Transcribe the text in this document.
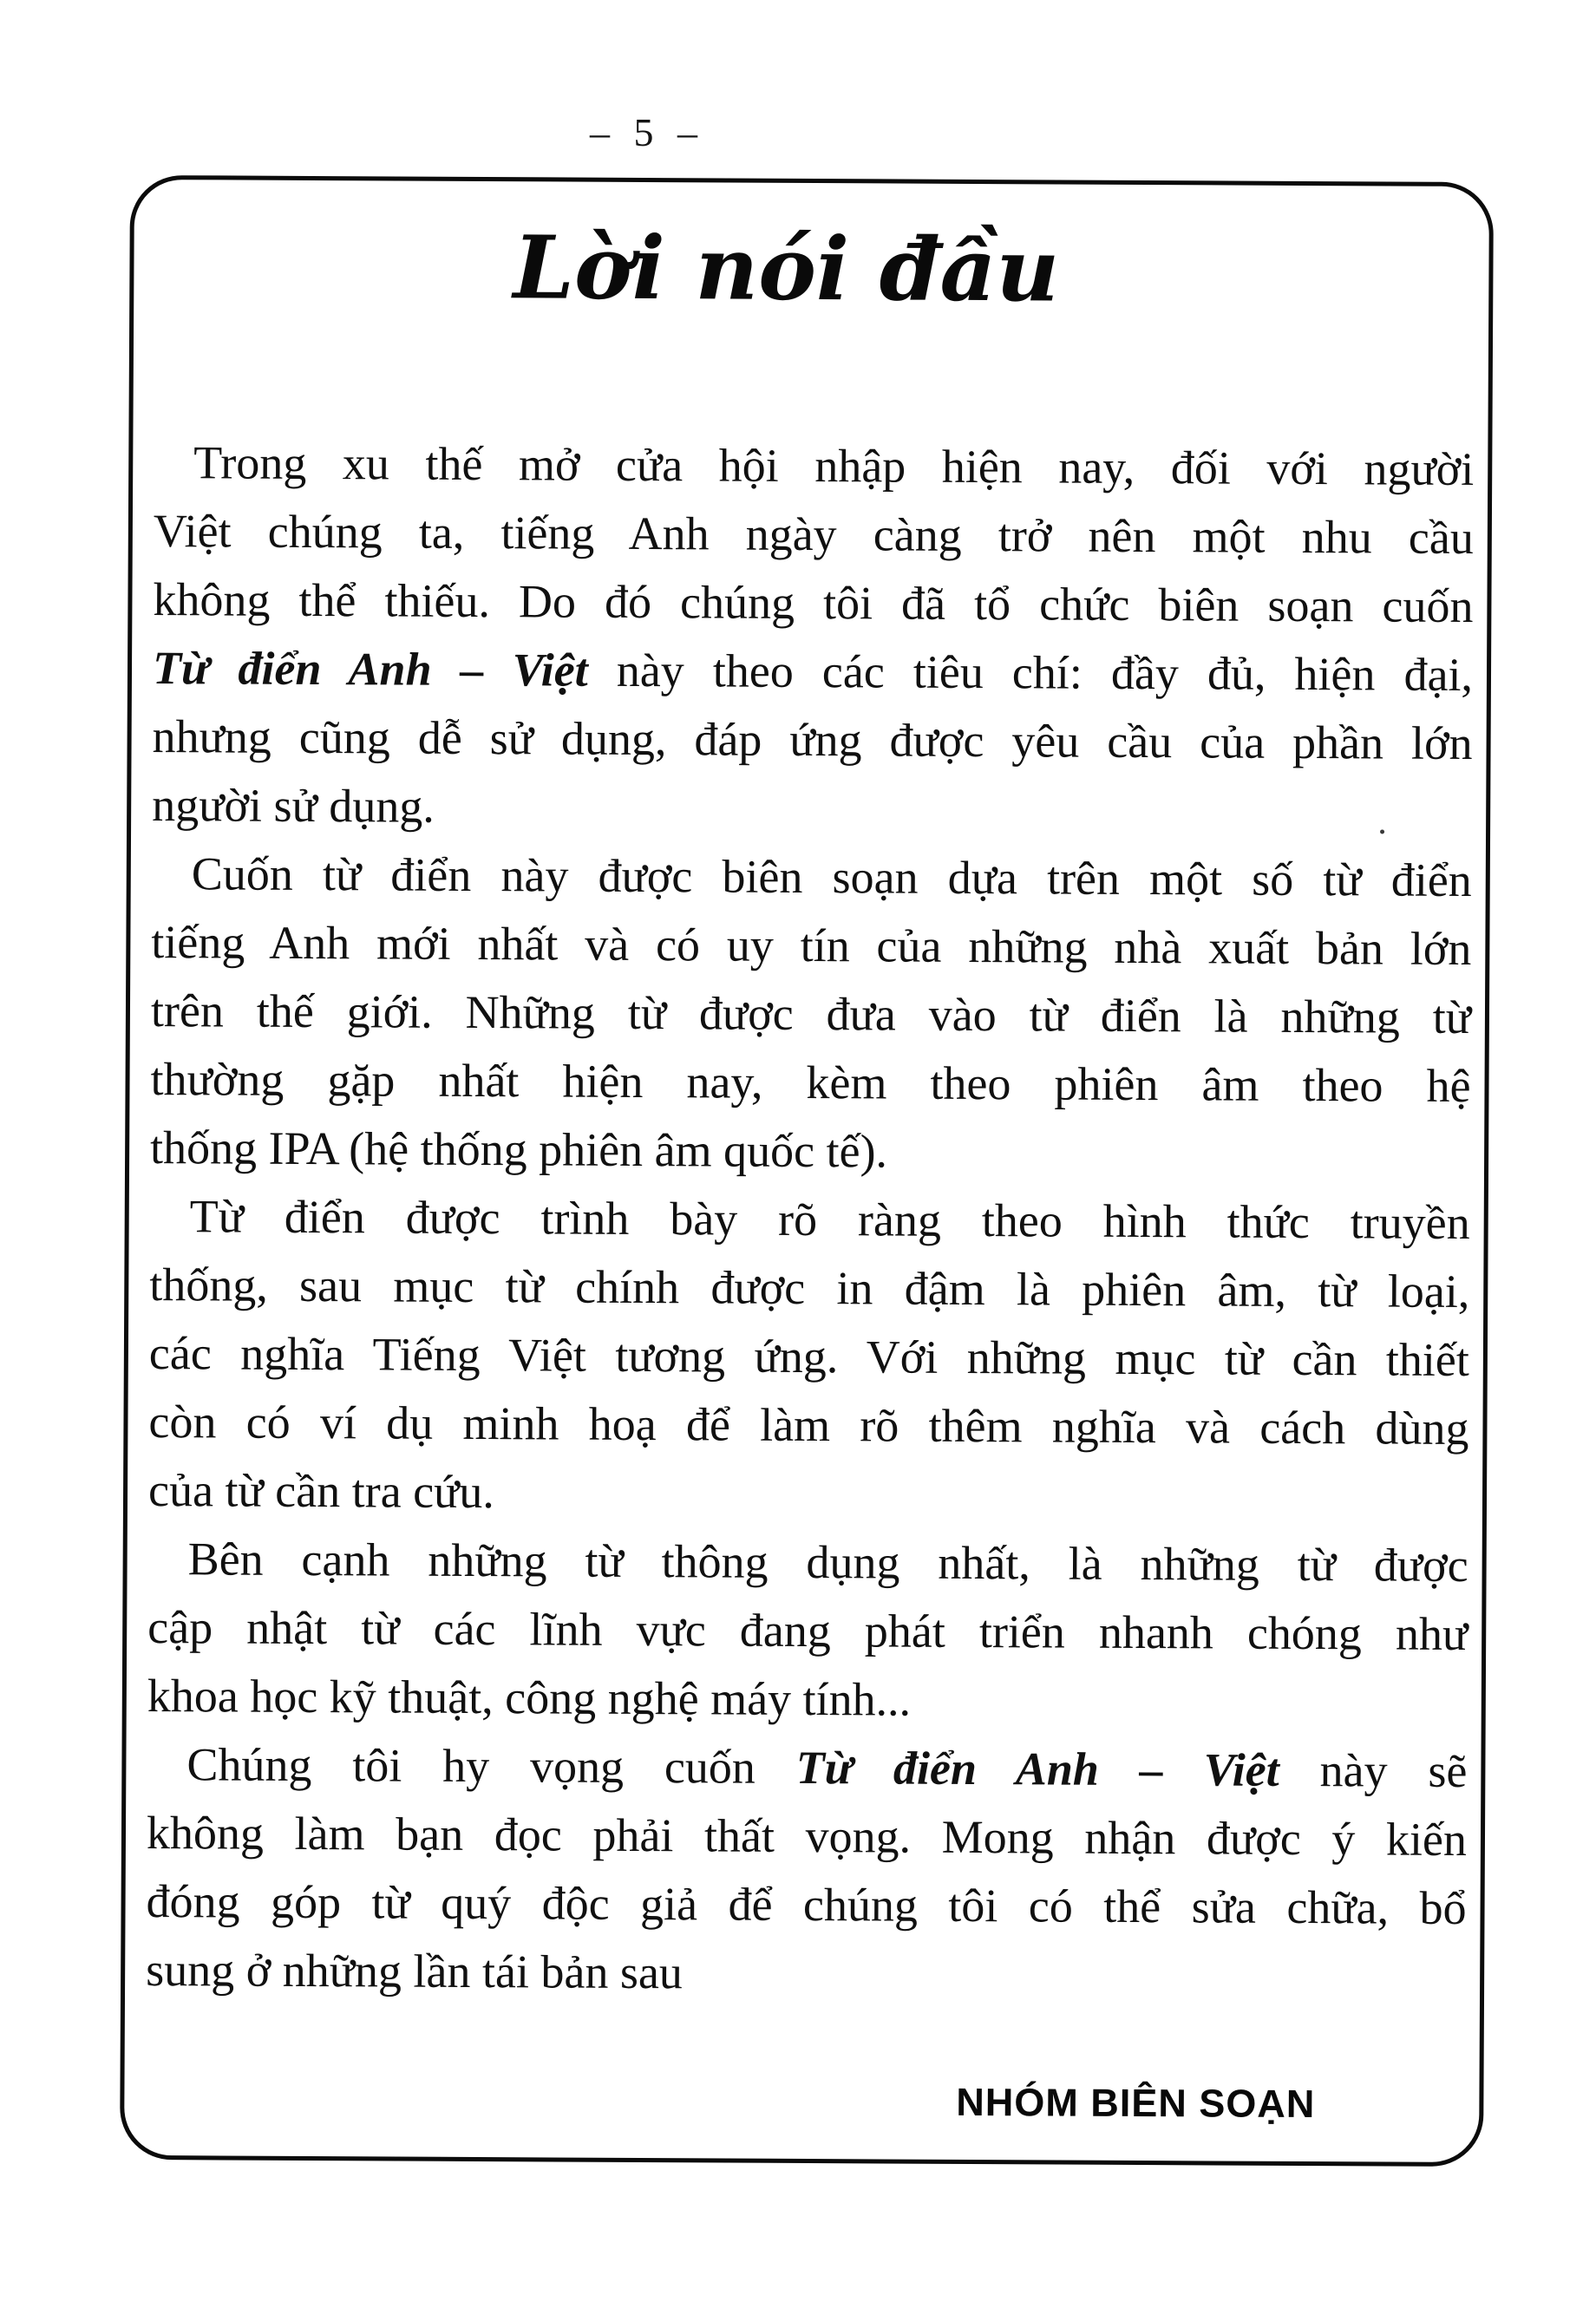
– 5 –
Lời nói đầu
Trong xu thế mở cửa hội nhập hiện nay, đối với người
Việt chúng ta, tiếng Anh ngày càng trở nên một nhu cầu
không thể thiếu. Do đó chúng tôi đã tổ chức biên soạn cuốn
Từ điển Anh – Việt này theo các tiêu chí: đầy đủ, hiện đại,
nhưng cũng dễ sử dụng, đáp ứng được yêu cầu của phần lớn
người sử dụng.
Cuốn từ điển này được biên soạn dựa trên một số từ điển
tiếng Anh mới nhất và có uy tín của những nhà xuất bản lớn
trên thế giới. Những từ được đưa vào từ điển là những từ
thường gặp nhất hiện nay, kèm theo phiên âm theo hệ
thống IPA (hệ thống phiên âm quốc tế).
Từ điển được trình bày rõ ràng theo hình thức truyền
thống, sau mục từ chính được in đậm là phiên âm, từ loại,
các nghĩa Tiếng Việt tương ứng. Với những mục từ cần thiết
còn có ví dụ minh hoạ để làm rõ thêm nghĩa và cách dùng
của từ cần tra cứu.
Bên cạnh những từ thông dụng nhất, là những từ được
cập nhật từ các lĩnh vực đang phát triển nhanh chóng như
khoa học kỹ thuật, công nghệ máy tính...
Chúng tôi hy vọng cuốn Từ điển Anh – Việt này sẽ
không làm bạn đọc phải thất vọng. Mong nhận được ý kiến
đóng góp từ quý độc giả để chúng tôi có thể sửa chữa, bổ
sung ở những lần tái bản sau
NHÓM BIÊN SOẠN
